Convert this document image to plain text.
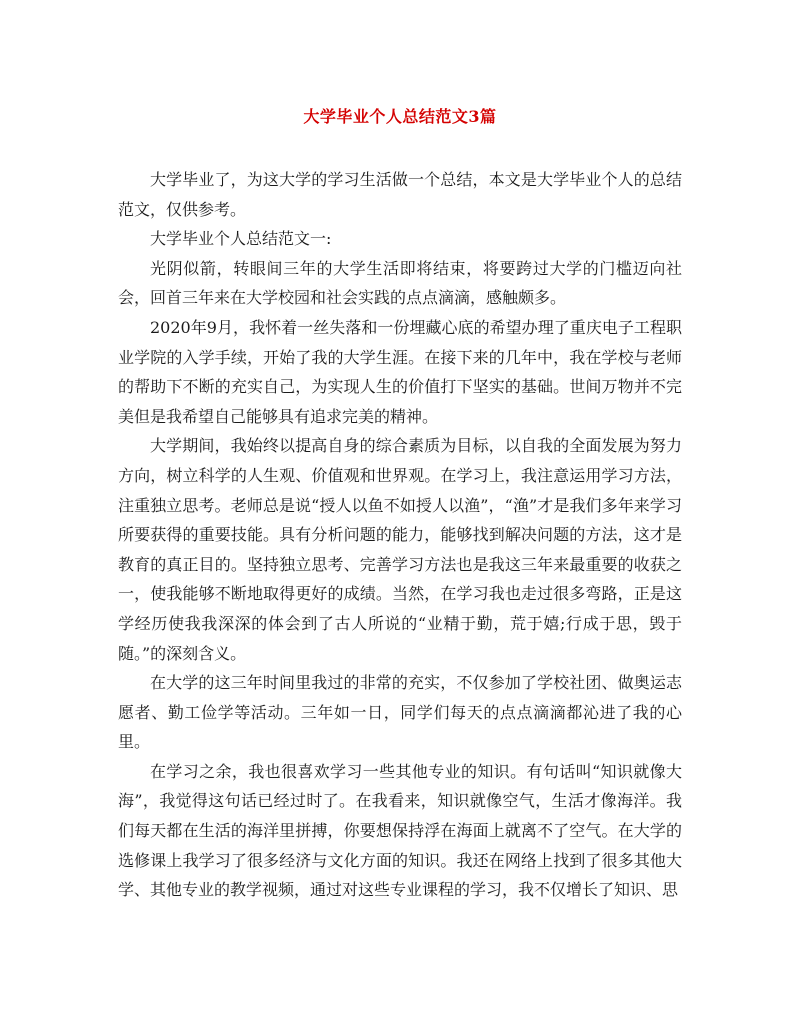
大学毕业个人总结范文3篇

大学毕业了，为这大学的学习生活做一个总结，本文是大学毕业个人的总结范文，仅供参考。

大学毕业个人总结范文一:

光阴似箭，转眼间三年的大学生活即将结束，将要跨过大学的门槛迈向社会，回首三年来在大学校园和社会实践的点点滴滴，感触颇多。

2020年9月，我怀着一丝失落和一份埋藏心底的希望办理了重庆电子工程职业学院的入学手续，开始了我的大学生涯。在接下来的几年中，我在学校与老师的帮助下不断的充实自己，为实现人生的价值打下坚实的基础。世间万物并不完美但是我希望自己能够具有追求完美的精神。

大学期间，我始终以提高自身的综合素质为目标，以自我的全面发展为努力方向，树立科学的人生观、价值观和世界观。在学习上，我注意运用学习方法，注重独立思考。老师总是说“授人以鱼不如授人以渔”，“渔”才是我们多年来学习所要获得的重要技能。具有分析问题的能力，能够找到解决问题的方法，这才是教育的真正目的。坚持独立思考、完善学习方法也是我这三年来最重要的收获之一，使我能够不断地取得更好的成绩。当然，在学习我也走过很多弯路，正是这学经历使我我深深的体会到了古人所说的“业精于勤，荒于嬉;行成于思，毁于随。”的深刻含义。

在大学的这三年时间里我过的非常的充实，不仅参加了学校社团、做奥运志愿者、勤工俭学等活动。三年如一日，同学们每天的点点滴滴都沁进了我的心里。

在学习之余，我也很喜欢学习一些其他专业的知识。有句话叫“知识就像大海”，我觉得这句话已经过时了。在我看来，知识就像空气，生活才像海洋。我们每天都在生活的海洋里拼搏，你要想保持浮在海面上就离不了空气。在大学的选修课上我学习了很多经济与文化方面的知识。我还在网络上找到了很多其他大学、其他专业的教学视频，通过对这些专业课程的学习，我不仅增长了知识、思
